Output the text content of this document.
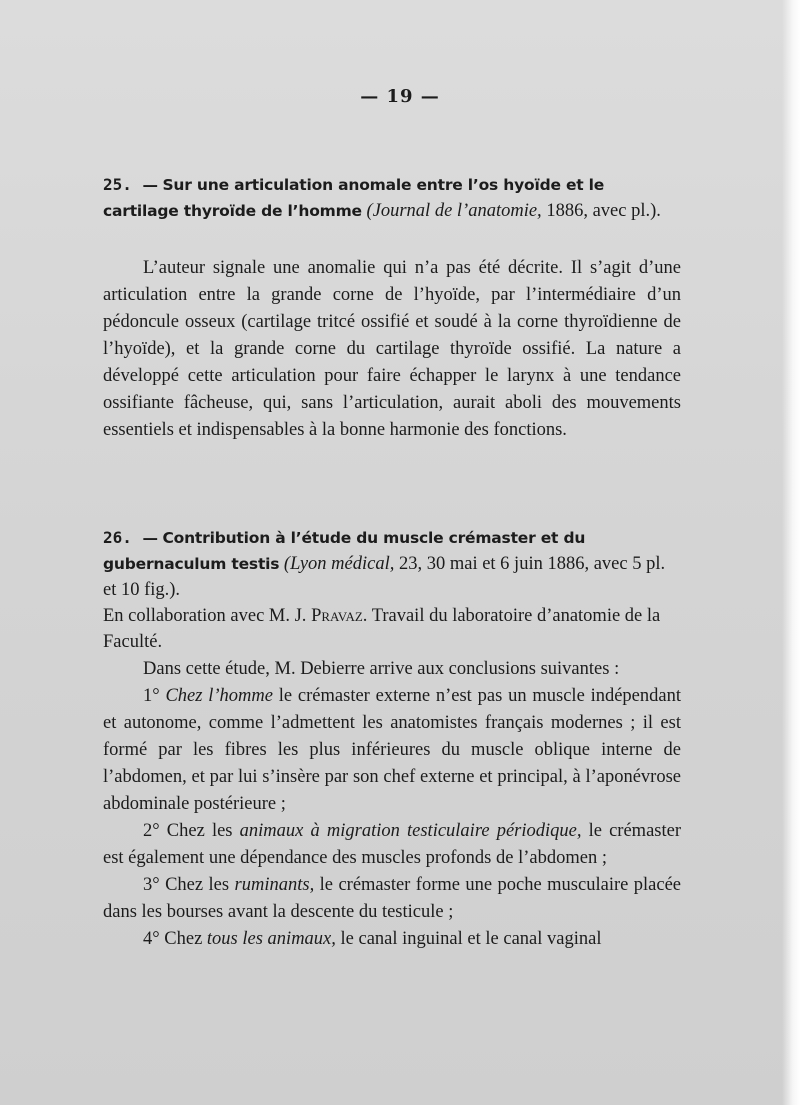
— 19 —
25. — Sur une articulation anomale entre l’os hyoïde et le cartilage thyroïde de l’homme (Journal de l’anatomie, 1886, avec pl.).

L’auteur signale une anomalie qui n’a pas été décrite. Il s’agit d’une articulation entre la grande corne de l’hyoïde, par l’intermédiaire d’un pédoncule osseux (cartilage tritcé ossifié et soudé à la corne thyroïdienne de l’hyoïde), et la grande corne du cartilage thyroïde ossifié. La nature a développé cette articulation pour faire échapper le larynx à une tendance ossifiante fâcheuse, qui, sans l’articulation, aurait aboli des mouvements essentiels et indispensables à la bonne harmonie des fonctions.

26. — Contribution à l’étude du muscle crémaster et du gubernaculum testis (Lyon médical, 23, 30 mai et 6 juin 1886, avec 5 pl. et 10 fig.).
En collaboration avec M. J. Pravaz. Travail du laboratoire d’anatomie de la Faculté.

Dans cette étude, M. Debierre arrive aux conclusions suivantes :

1° Chez l’homme le crémaster externe n’est pas un muscle indépendant et autonome, comme l’admettent les anatomistes français modernes ; il est formé par les fibres les plus inférieures du muscle oblique interne de l’abdomen, et par lui s’insère par son chef externe et principal, à l’aponévrose abdominale postérieure ;

2° Chez les animaux à migration testiculaire périodique, le crémaster est également une dépendance des muscles profonds de l’abdomen ;

3° Chez les ruminants, le crémaster forme une poche musculaire placée dans les bourses avant la descente du testicule ;

4° Chez tous les animaux, le canal inguinal et le canal vaginal
